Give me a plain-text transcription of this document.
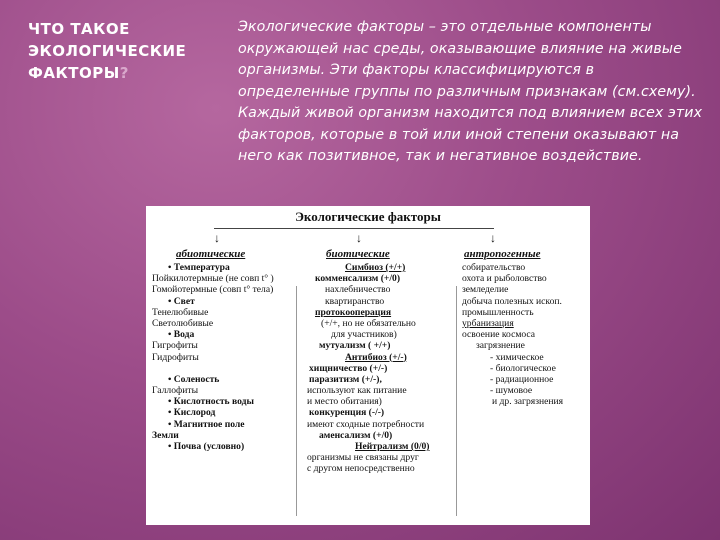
ЧТО ТАКОЕ ЭКОЛОГИЧЕСКИЕ ФАКТОРЫ?
Экологические факторы – это отдельные компоненты окружающей нас среды, оказывающие влияние на живые организмы. Эти факторы классифицируются в определенные группы по различным признакам (см.схему). Каждый живой организм находится под влиянием всех этих факторов, которые в той или иной степени оказывают на него как позитивное, так и негативное воздействие.
Экологические факторы
↓	↓	↓
абиотические	биотические	антропогенные
• Температура
Пойкилотермные (не совп t° )
Гомойотермные (совп t° тела)
• Свет
Тенелюбивые
Светолюбивые
• Вода
Гигрофиты
Гидрофиты
• Соленость
Галлофиты
• Кислотность воды
• Кислород
• Магнитное поле
Земли
• Почва (условно)
Симбиоз (+/+)
комменсализм (+/0)
нахлебничество
квартиранство
протокооперация
(+/+, но не обязательно
для участников)
мутуализм ( +/+)
Антибиоз (+/-)
хищничество (+/-)
паразитизм (+/-),
используют как питание
и место обитания)
конкуренция (-/-)
имеют сходные потребности
аменсализм (+/0)
Нейтрализм (0/0)
организмы не связаны друг
с другом непосредственно
собирательство
охота и рыболовство
земледелие
добыча полезных ископ.
промышленность
урбанизация
освоение космоса
загрязнение
- химическое
- биологическое
- радиационное
- шумовое
и др. загрязнения
